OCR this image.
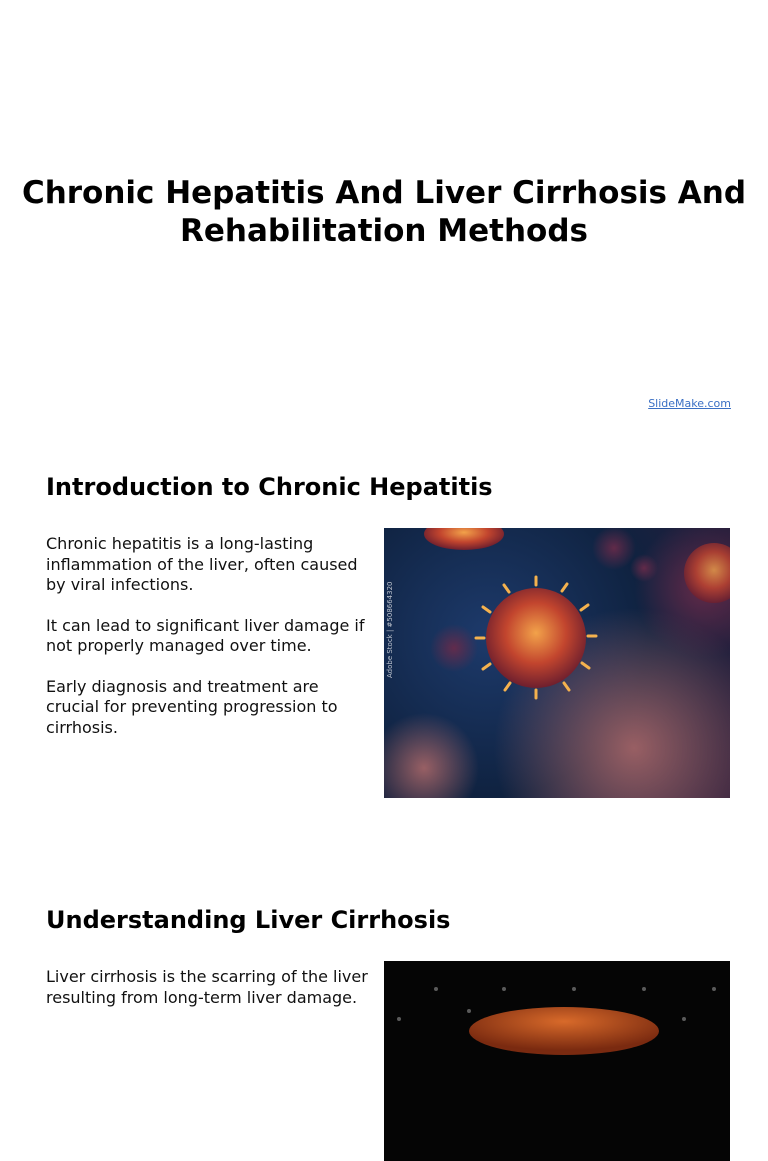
Chronic Hepatitis And Liver Cirrhosis And Rehabilitation Methods
SlideMake.com
Introduction to Chronic Hepatitis

Chronic hepatitis is a long-lasting inflammation of the liver, often caused by viral infections.

It can lead to significant liver damage if not properly managed over time.

Early diagnosis and treatment are crucial for preventing progression to cirrhosis.

Adobe Stock | #508664320
Understanding Liver Cirrhosis

Liver cirrhosis is the scarring of the liver resulting from long-term liver damage.
